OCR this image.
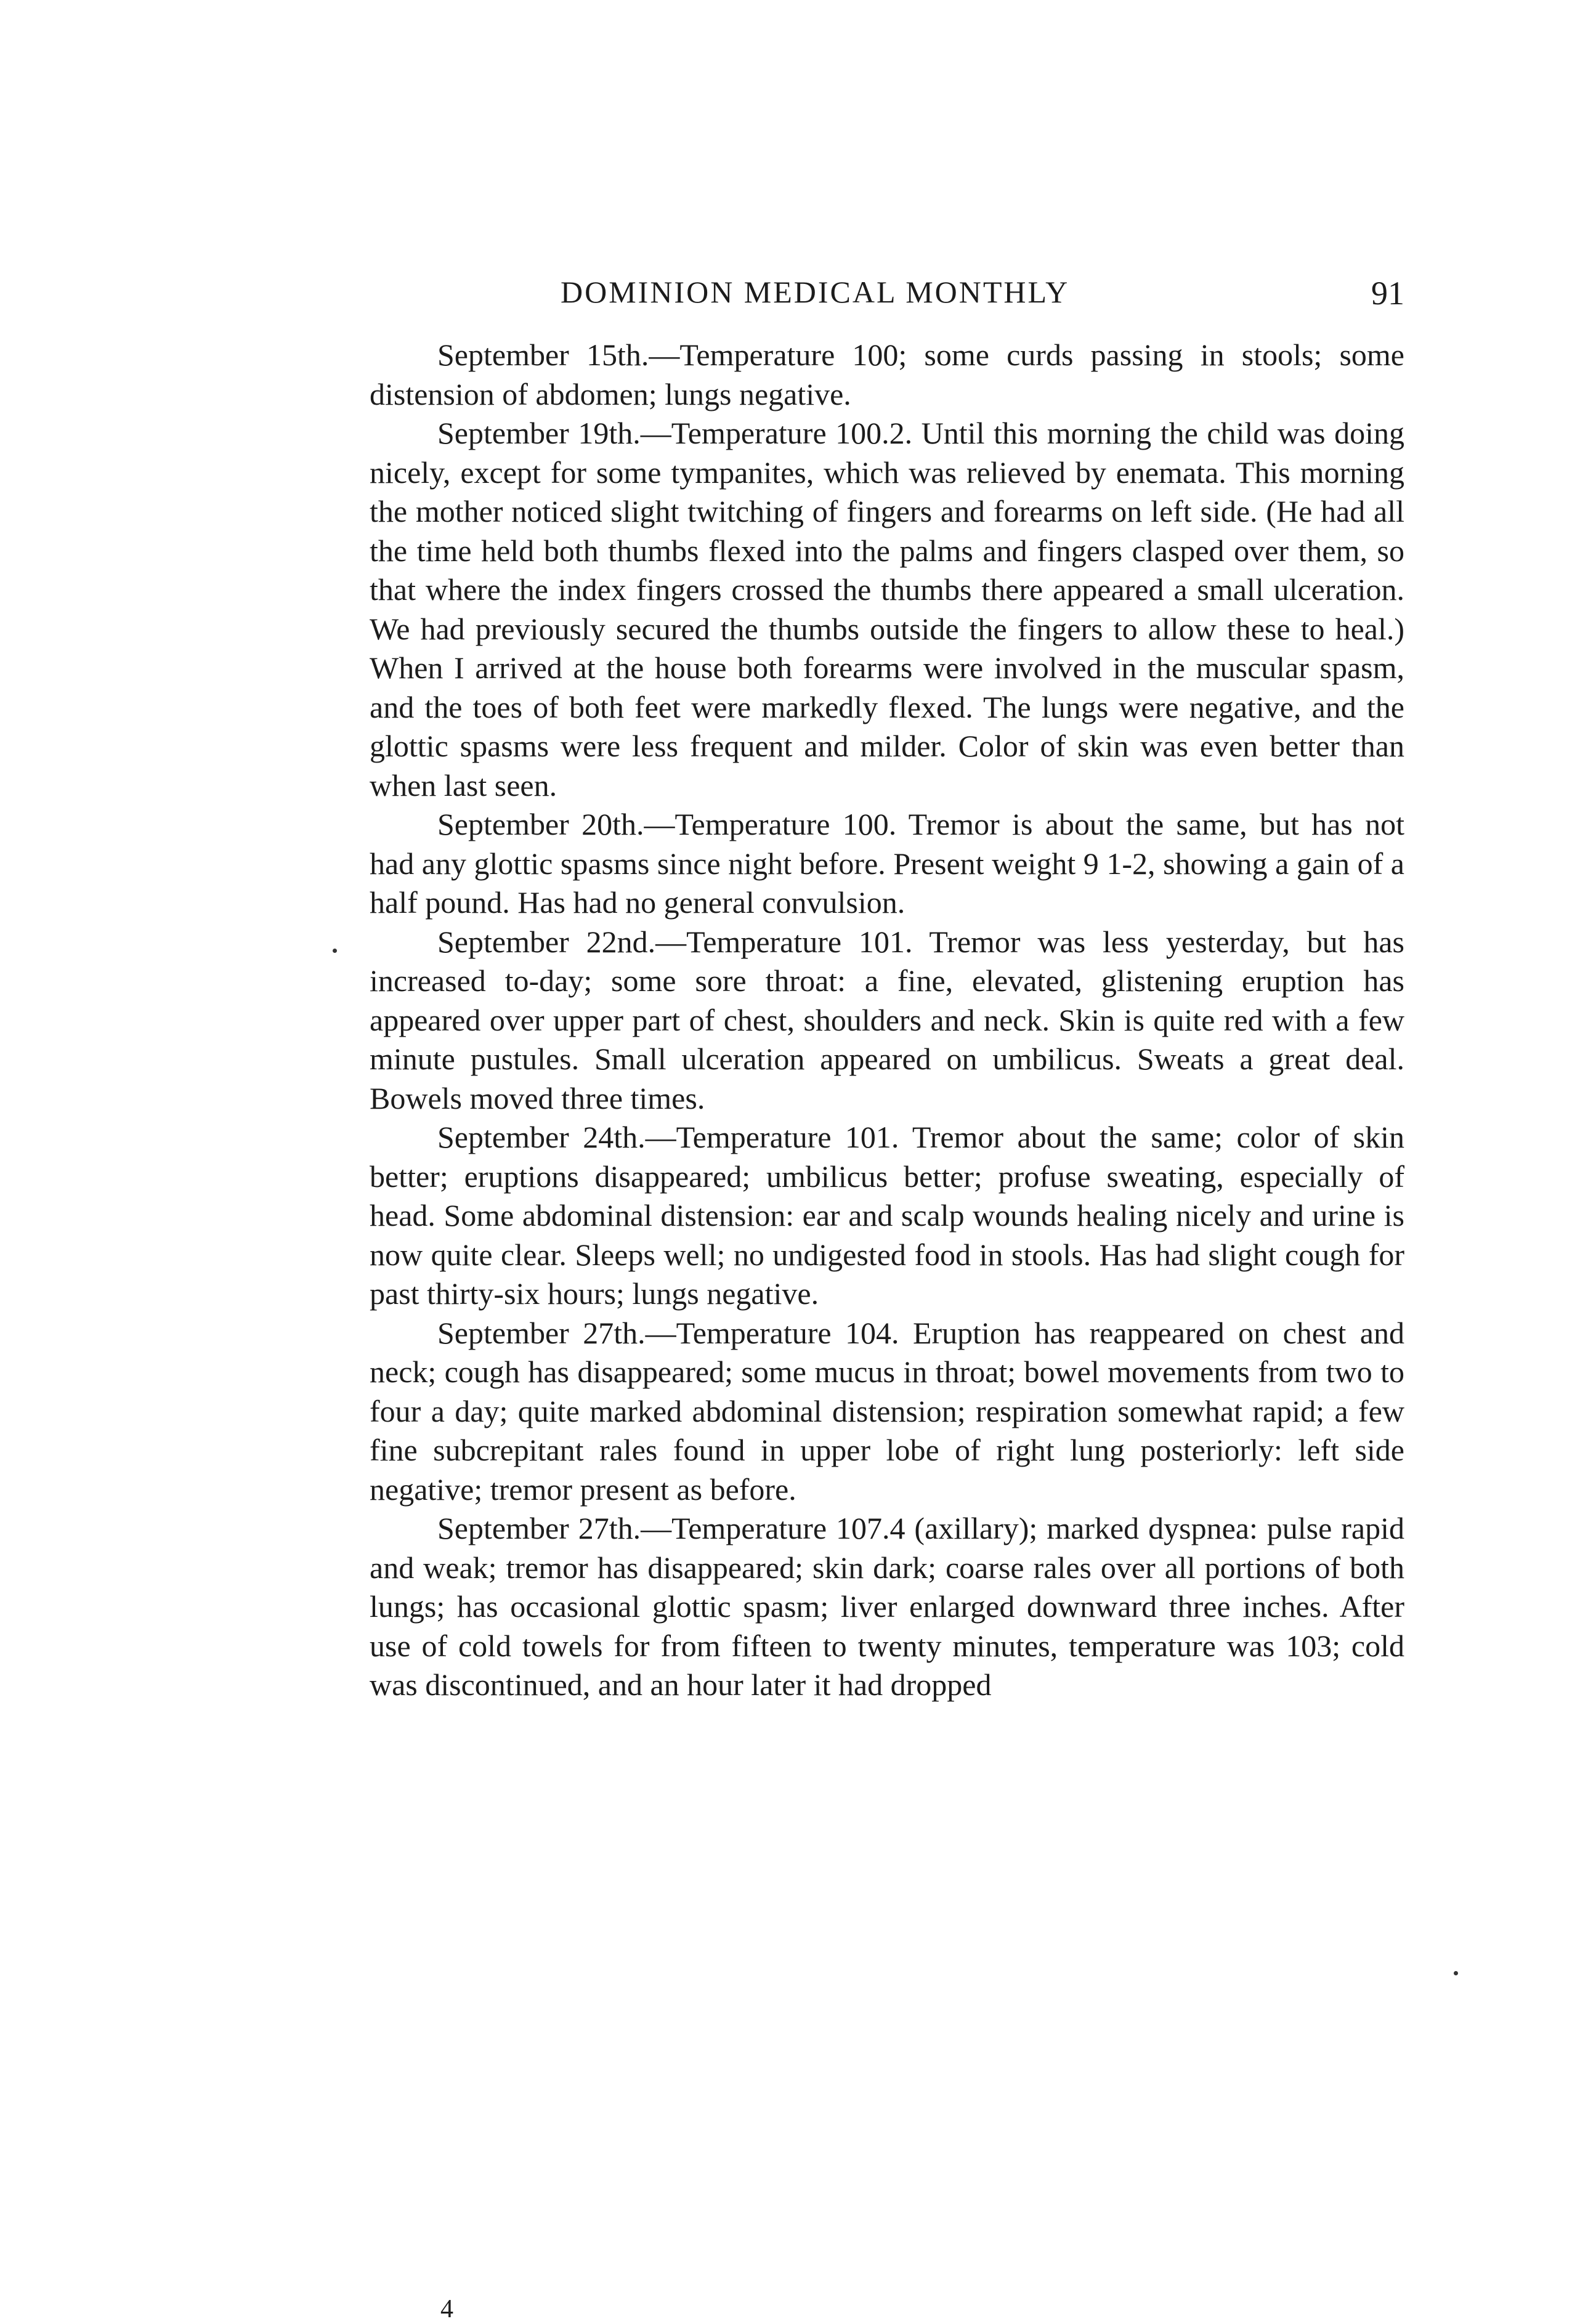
DOMINION MEDICAL MONTHLY	91

September 15th.—Temperature 100; some curds passing in stools; some distension of abdomen; lungs negative.

September 19th.—Temperature 100.2. Until this morning the child was doing nicely, except for some tympanites, which was relieved by enemata. This morning the mother noticed slight twitching of fingers and forearms on left side. (He had all the time held both thumbs flexed into the palms and fingers clasped over them, so that where the index fingers crossed the thumbs there appeared a small ulceration. We had previously secured the thumbs outside the fingers to allow these to heal.) When I arrived at the house both forearms were involved in the muscular spasm, and the toes of both feet were markedly flexed. The lungs were negative, and the glottic spasms were less frequent and milder. Color of skin was even better than when last seen.

September 20th.—Temperature 100. Tremor is about the same, but has not had any glottic spasms since night before. Present weight 9 1-2, showing a gain of a half pound. Has had no general convulsion.

September 22nd.—Temperature 101. Tremor was less yesterday, but has increased to-day; some sore throat: a fine, elevated, glistening eruption has appeared over upper part of chest, shoulders and neck. Skin is quite red with a few minute pustules. Small ulceration appeared on umbilicus. Sweats a great deal. Bowels moved three times.

September 24th.—Temperature 101. Tremor about the same; color of skin better; eruptions disappeared; umbilicus better; profuse sweating, especially of head. Some abdominal distension: ear and scalp wounds healing nicely and urine is now quite clear. Sleeps well; no undigested food in stools. Has had slight cough for past thirty-six hours; lungs negative.

September 27th.—Temperature 104. Eruption has reappeared on chest and neck; cough has disappeared; some mucus in throat; bowel movements from two to four a day; quite marked abdominal distension; respiration somewhat rapid; a few fine subcrepitant rales found in upper lobe of right lung posteriorly: left side negative; tremor present as before.

September 27th.—Temperature 107.4 (axillary); marked dyspnea: pulse rapid and weak; tremor has disappeared; skin dark; coarse rales over all portions of both lungs; has occasional glottic spasm; liver enlarged downward three inches. After use of cold towels for from fifteen to twenty minutes, temperature was 103; cold was discontinued, and an hour later it had dropped

4
